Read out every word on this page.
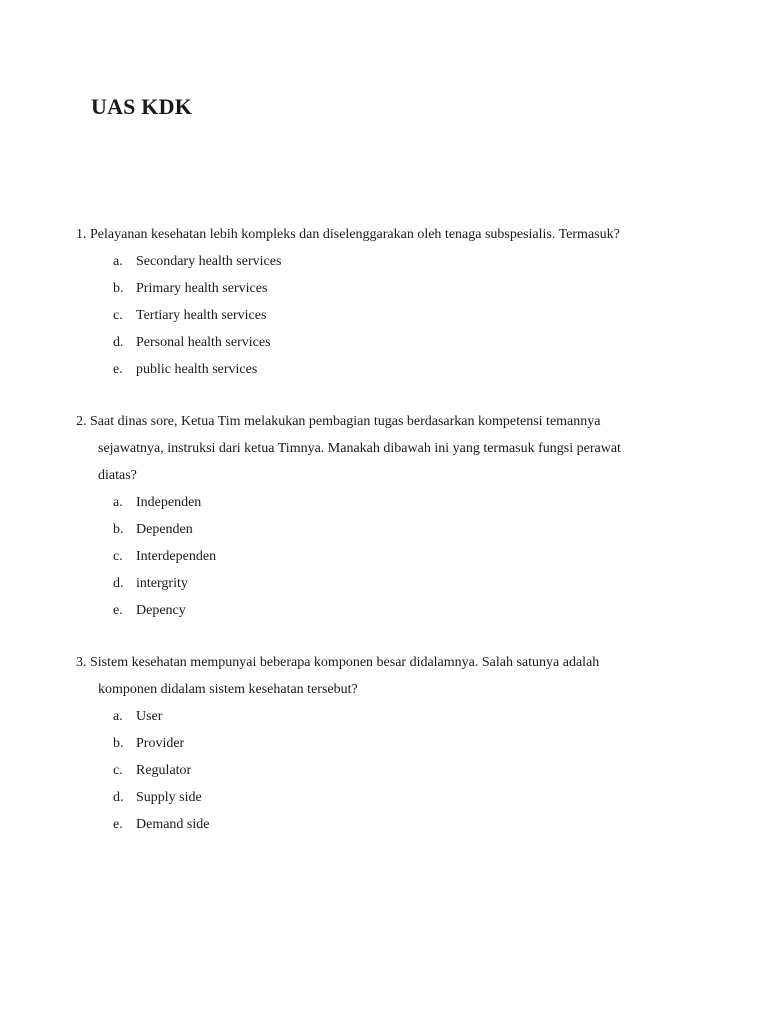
UAS KDK
1. Pelayanan kesehatan lebih kompleks dan diselenggarakan oleh tenaga subspesialis. Termasuk?
a. Secondary health services
b. Primary health services
c. Tertiary health services
d. Personal health services
e. public health services
2. Saat dinas sore, Ketua Tim melakukan pembagian tugas berdasarkan kompetensi temannya
sejawatnya, instruksi dari ketua Timnya. Manakah dibawah ini yang termasuk fungsi perawat
diatas?
a. Independen
b. Dependen
c. Interdependen
d. intergrity
e. Depency
3. Sistem kesehatan mempunyai beberapa komponen besar didalamnya. Salah satunya adalah
komponen didalam sistem kesehatan tersebut?
a. User
b. Provider
c. Regulator
d. Supply side
e. Demand side
